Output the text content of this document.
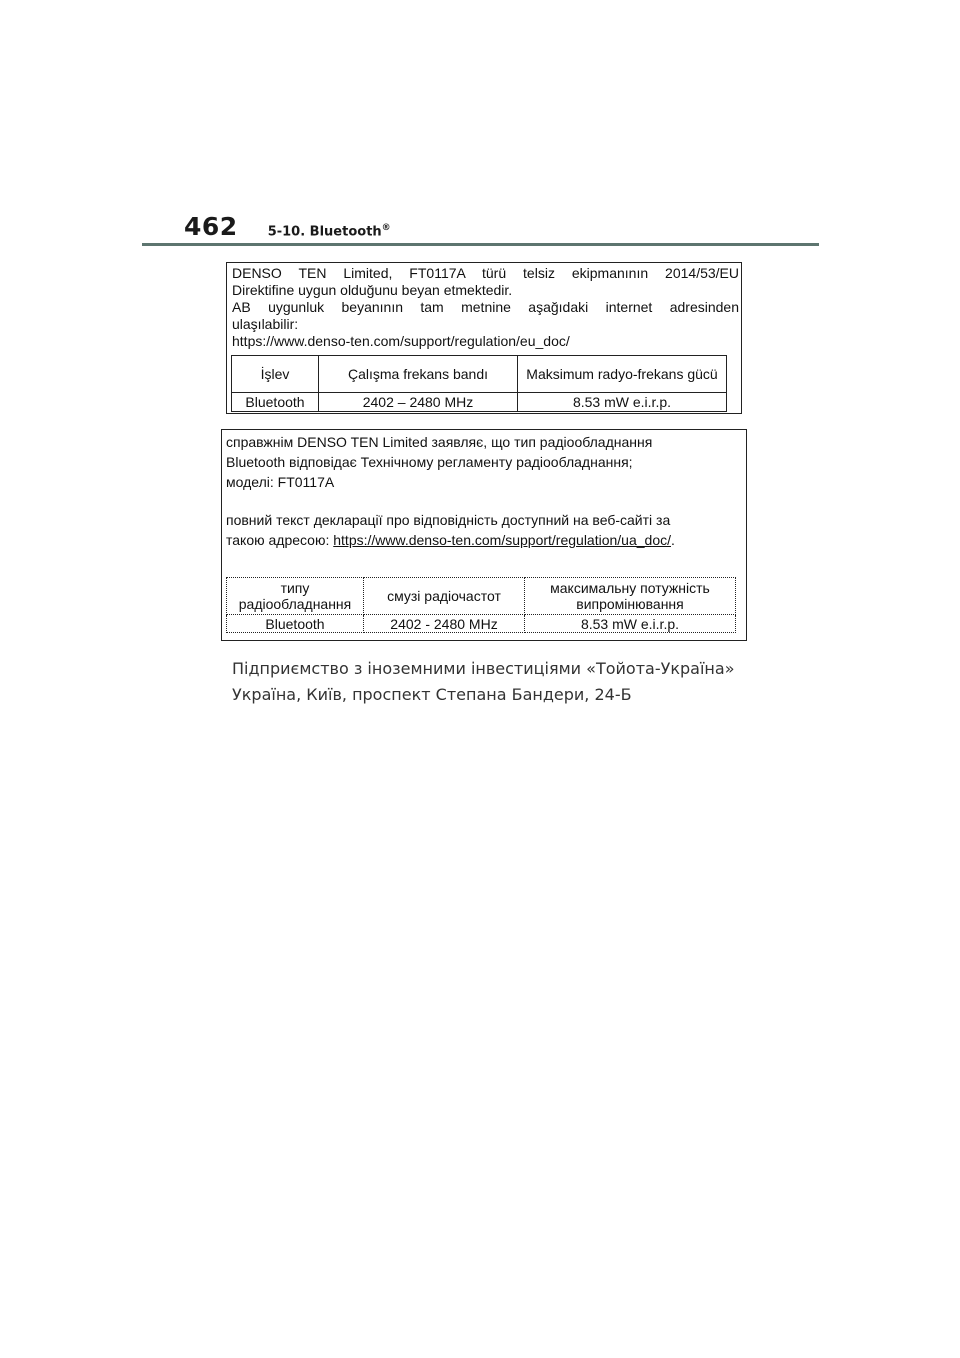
462 5-10. Bluetooth®

DENSO TEN Limited, FT0117A türü telsiz ekipmanının 2014/53/EU

Direktifine uygun olduğunu beyan etmektedir.

AB uygunluk beyanının tam metnine aşağıdaki internet adresinden

ulaşılabilir:

https://www.denso-ten.com/support/regulation/eu_doc/

İşlev	Çalışma frekans bandı	Maksimum radyo-frekans gücü
Bluetooth	2402 – 2480 MHz	8.53 mW e.i.r.p.

справжнім DENSO TEN Limited заявляє, що тип радіообладнання

Bluetooth відповідає Технічному регламенту радіообладнання;

моделі: FT0117A

повний текст декларації про відповідність доступний на веб-сайті за

такою адресою: https://www.denso-ten.com/support/regulation/ua_doc/.

типу радіообладнання	смузі радіочастот	максимальну потужність випромінювання
Bluetooth	2402 - 2480 MHz	8.53 mW e.i.r.p.
Підприємство з іноземними інвестиціями «Тойота-Україна»
Україна, Київ, проспект Степана Бандери, 24-Б
